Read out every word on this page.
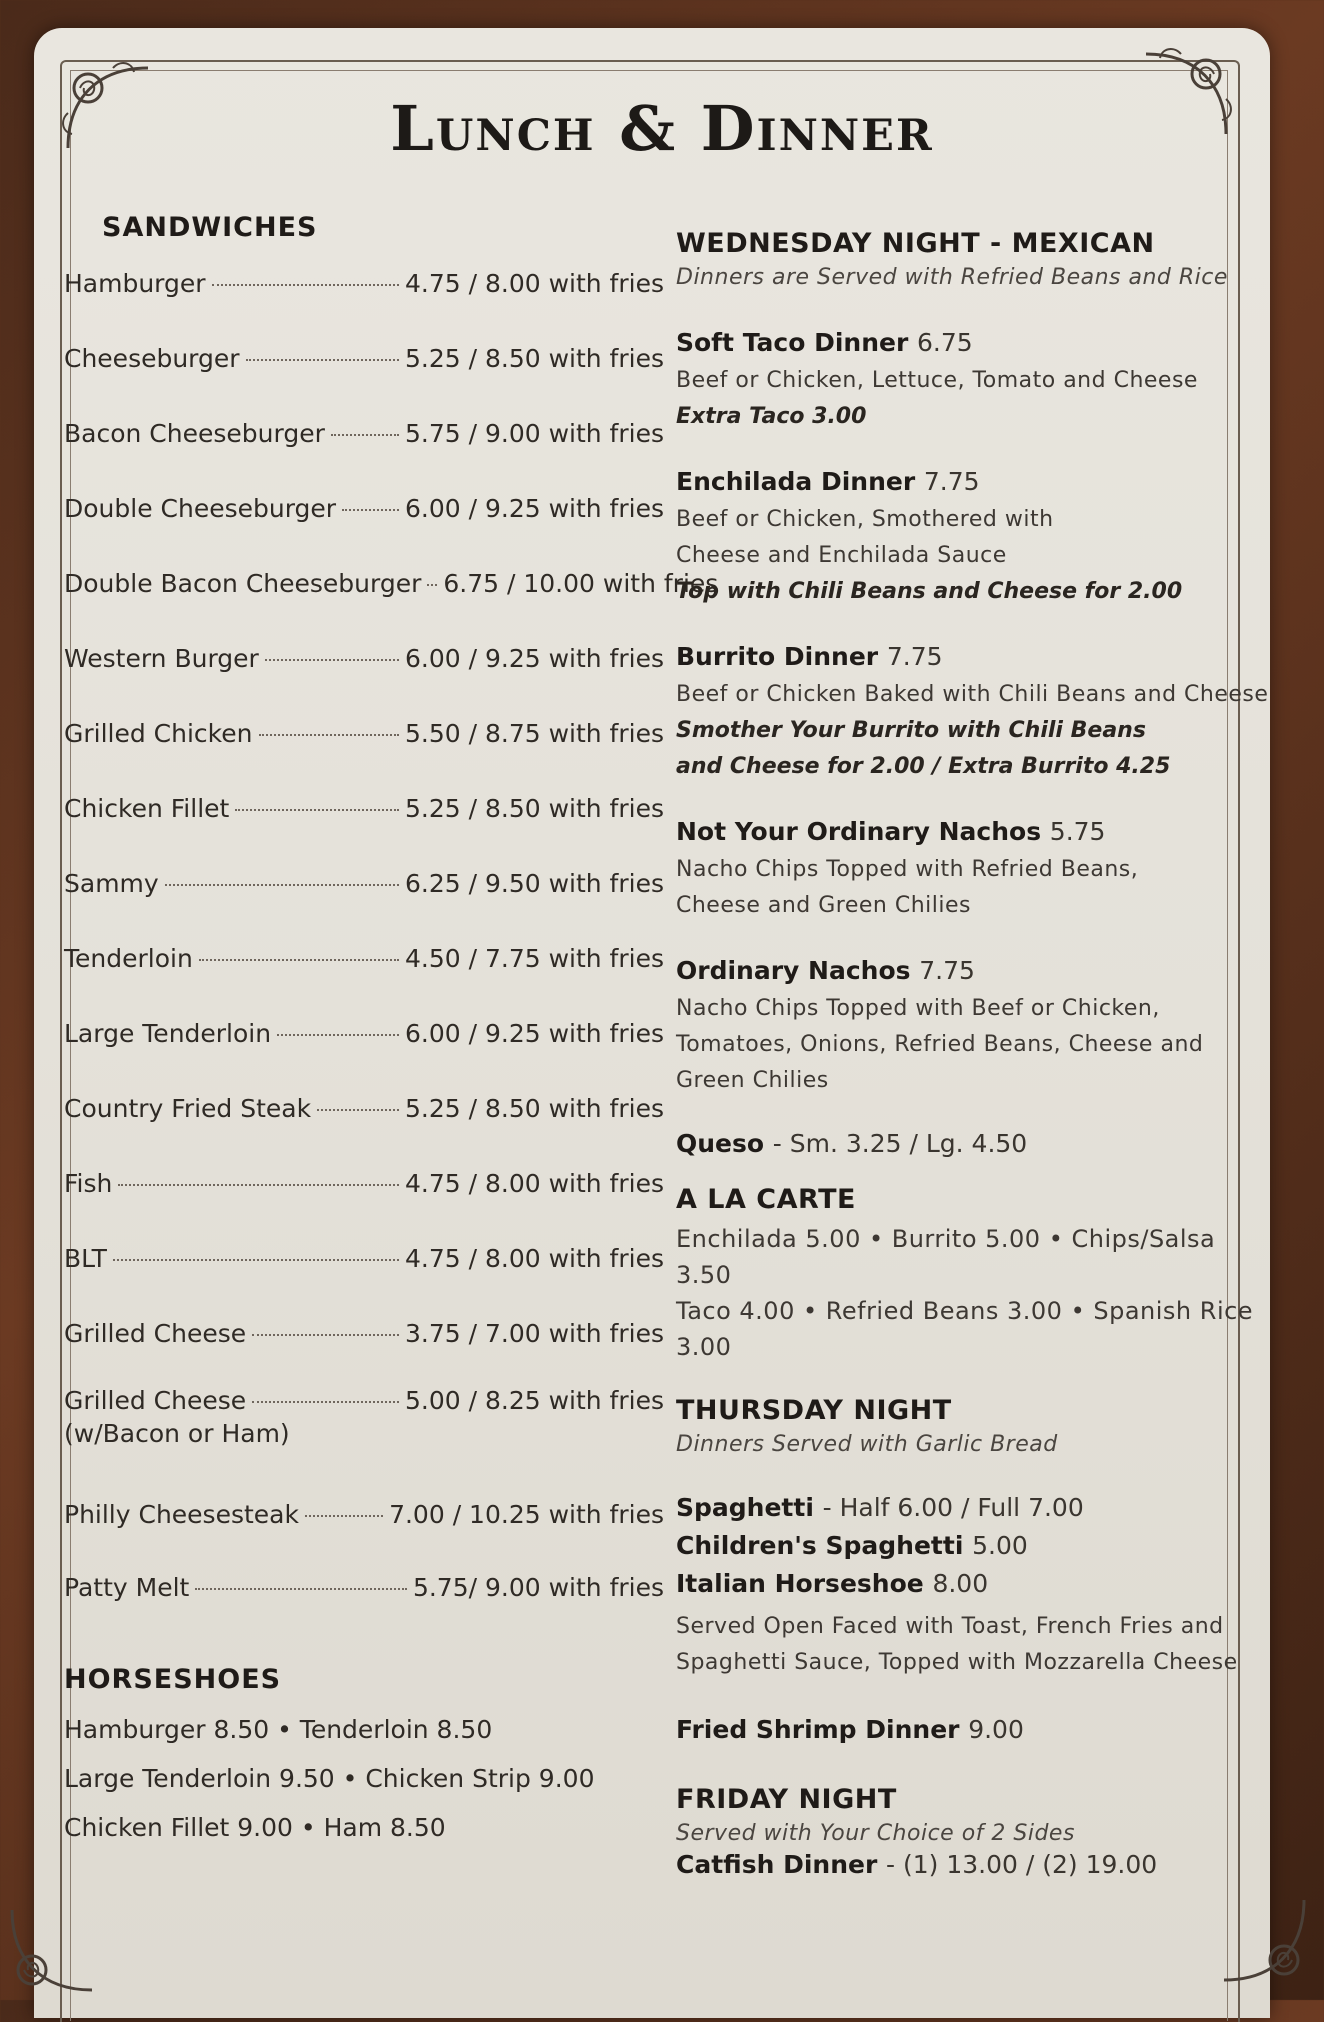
Lunch & Dinner
SANDWICHES
Hamburger	4.75 / 8.00 with fries
Cheeseburger	5.25 / 8.50 with fries
Bacon Cheeseburger	5.75 / 9.00 with fries
Double Cheeseburger	6.00 / 9.25 with fries
Double Bacon Cheeseburger 6.75 / 10.00 with fries
Western Burger	6.00 / 9.25 with fries
Grilled Chicken	5.50 / 8.75 with fries
Chicken Fillet	5.25 / 8.50 with fries
Sammy	6.25 / 9.50 with fries
Tenderloin	4.50 / 7.75 with fries
Large Tenderloin	6.00 / 9.25 with fries
Country Fried Steak	5.25 / 8.50 with fries
Fish	4.75 / 8.00 with fries
BLT	4.75 / 8.00 with fries
Grilled Cheese	3.75 / 7.00 with fries
Grilled Cheese	5.00 / 8.25 with fries
(w/Bacon or Ham)
Philly Cheesesteak	7.00 / 10.25 with fries
Patty Melt	5.75/ 9.00 with fries
HORSESHOES
Hamburger 8.50 • Tenderloin 8.50
Large Tenderloin 9.50 • Chicken Strip 9.00
Chicken Fillet 9.00 • Ham 8.50
WEDNESDAY NIGHT - MEXICAN
Dinners are Served with Refried Beans and Rice
Soft Taco Dinner 6.75
Beef or Chicken, Lettuce, Tomato and Cheese
Extra Taco 3.00
Enchilada Dinner 7.75
Beef or Chicken, Smothered with
Cheese and Enchilada Sauce
Top with Chili Beans and Cheese for 2.00
Burrito Dinner 7.75
Beef or Chicken Baked with Chili Beans and Cheese
Smother Your Burrito with Chili Beans
and Cheese for 2.00 / Extra Burrito 4.25
Not Your Ordinary Nachos 5.75
Nacho Chips Topped with Refried Beans,
Cheese and Green Chilies
Ordinary Nachos 7.75
Nacho Chips Topped with Beef or Chicken,
Tomatoes, Onions, Refried Beans, Cheese and
Green Chilies
Queso - Sm. 3.25 / Lg. 4.50
A LA CARTE
Enchilada 5.00 • Burrito 5.00 • Chips/Salsa 3.50
Taco 4.00 • Refried Beans 3.00 • Spanish Rice 3.00
THURSDAY NIGHT
Dinners Served with Garlic Bread
Spaghetti - Half 6.00 / Full 7.00
Children's Spaghetti 5.00
Italian Horseshoe 8.00
Served Open Faced with Toast, French Fries and
Spaghetti Sauce, Topped with Mozzarella Cheese
Fried Shrimp Dinner 9.00
FRIDAY NIGHT
Served with Your Choice of 2 Sides
Catfish Dinner - (1) 13.00 / (2) 19.00
